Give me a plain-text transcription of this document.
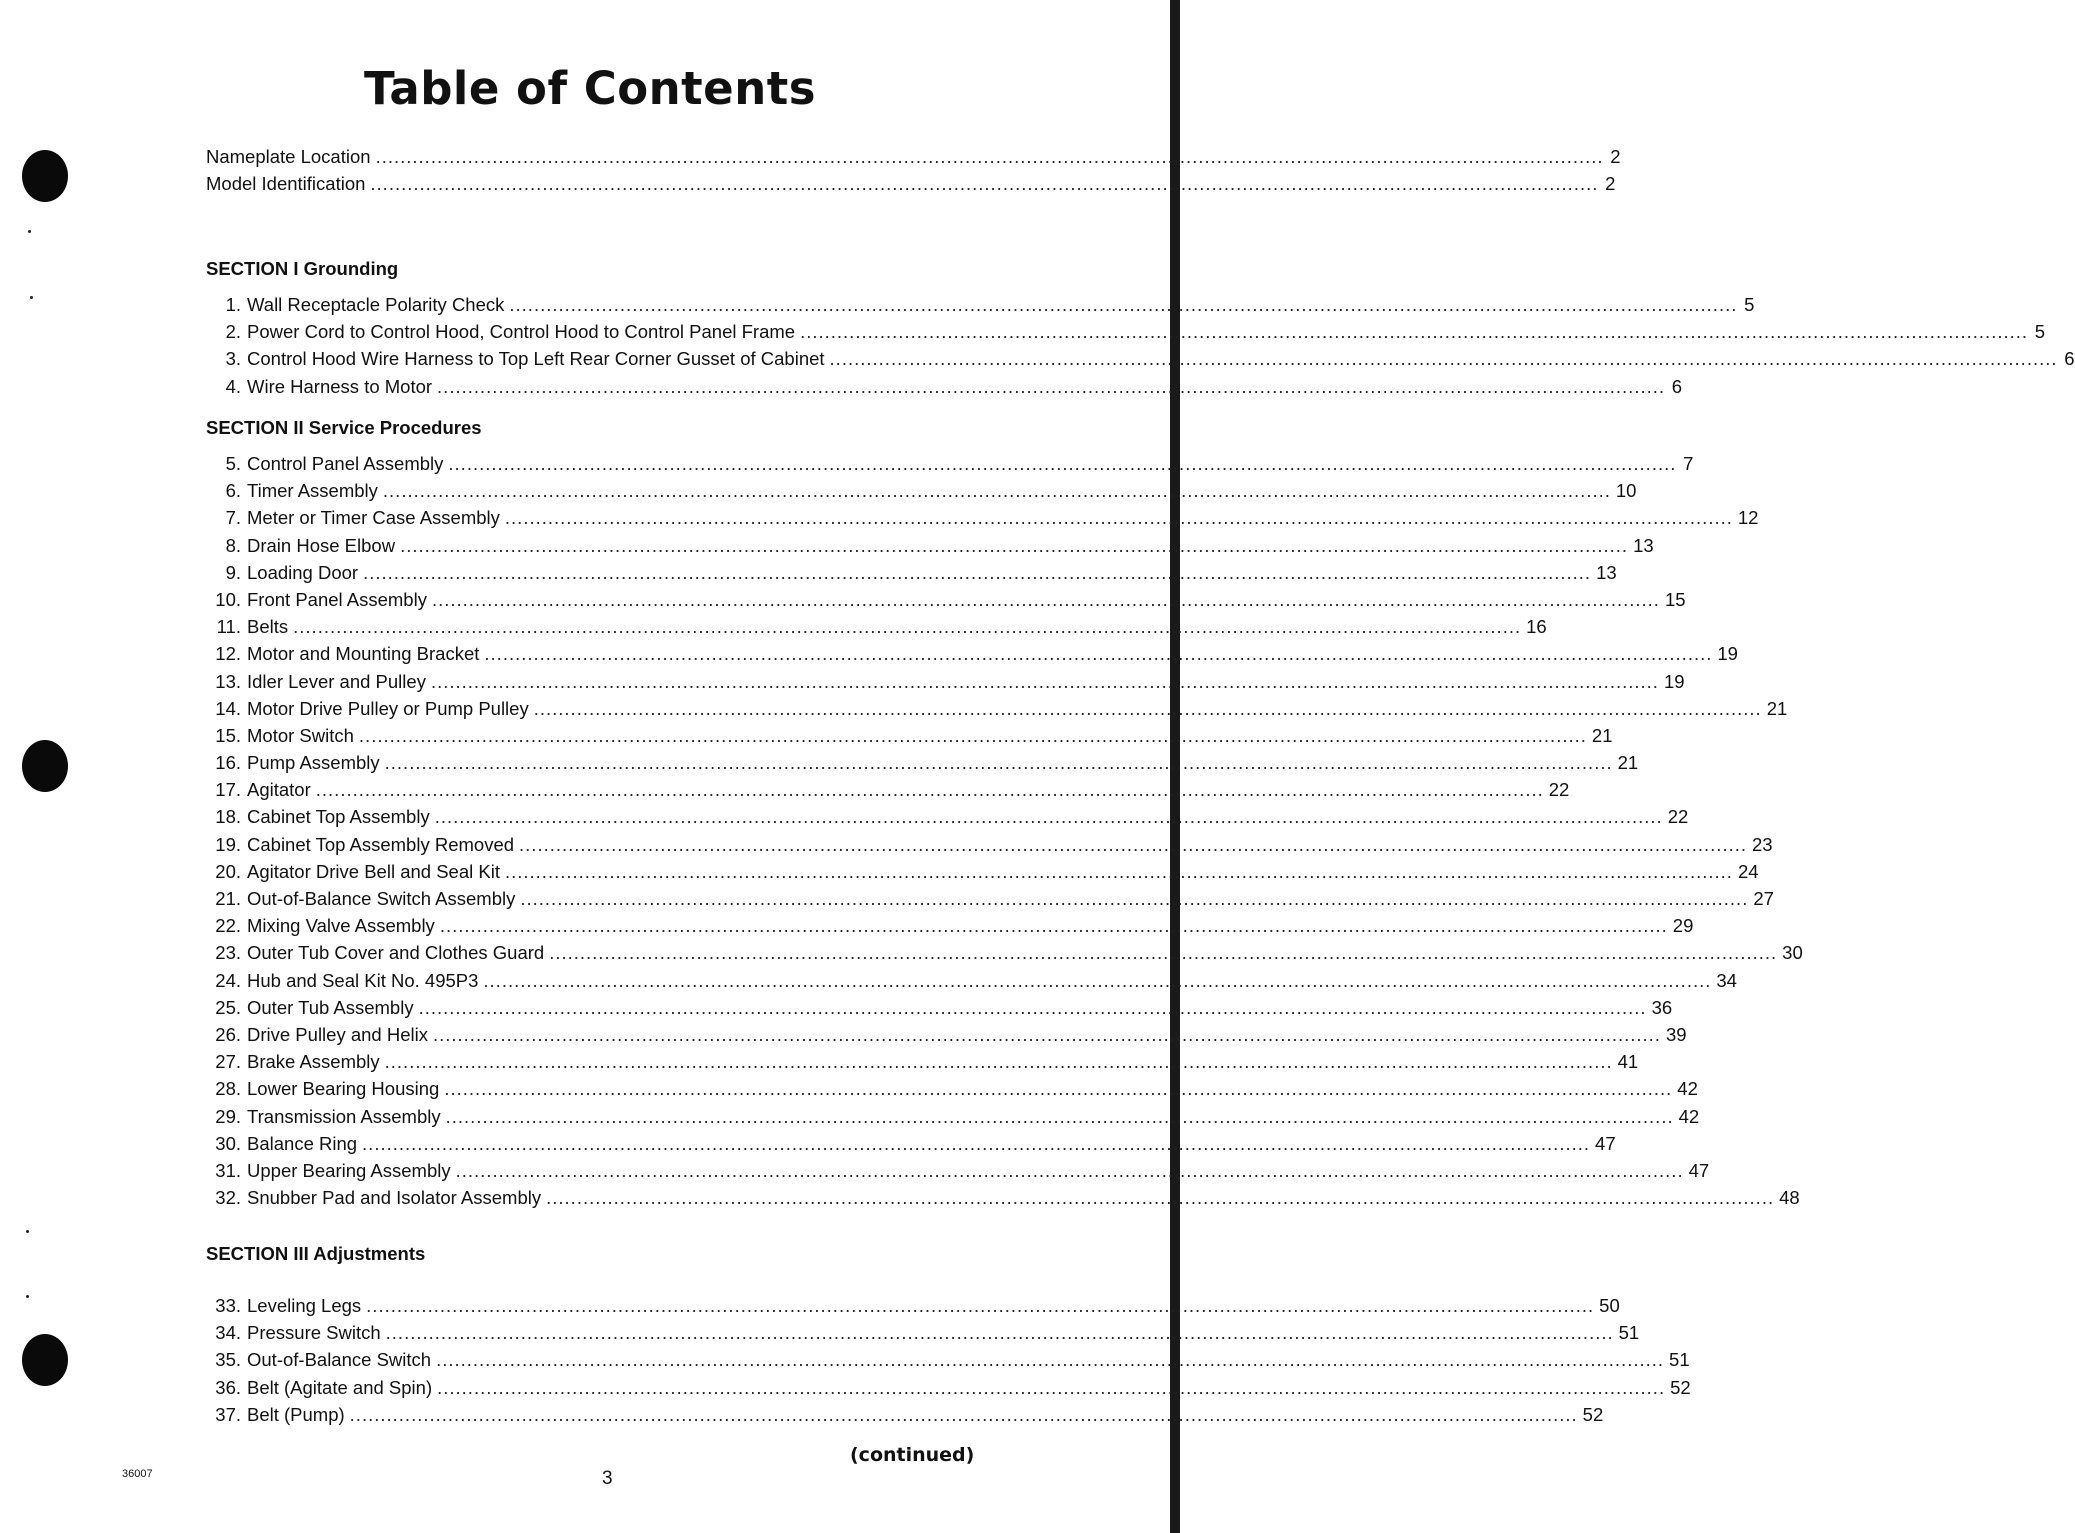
Table of Contents
Nameplate Location ........................................................................................................................................................................................................ 2
Model Identification ........................................................................................................................................................................................................ 2
SECTION I Grounding
1. Wall Receptacle Polarity Check ........................................................................................................................................................................................................ 5
2. Power Cord to Control Hood, Control Hood to Control Panel Frame ........................................................................................................................................................................................................ 5
3. Control Hood Wire Harness to Top Left Rear Corner Gusset of Cabinet ........................................................................................................................................................................................................ 6
4. Wire Harness to Motor ........................................................................................................................................................................................................ 6
SECTION II Service Procedures
5. Control Panel Assembly ........................................................................................................................................................................................................ 7
6. Timer Assembly ........................................................................................................................................................................................................ 10
7. Meter or Timer Case Assembly ........................................................................................................................................................................................................ 12
8. Drain Hose Elbow ........................................................................................................................................................................................................ 13
9. Loading Door ........................................................................................................................................................................................................ 13
10. Front Panel Assembly ........................................................................................................................................................................................................ 15
11. Belts ........................................................................................................................................................................................................ 16
12. Motor and Mounting Bracket ........................................................................................................................................................................................................ 19
13. Idler Lever and Pulley ........................................................................................................................................................................................................ 19
14. Motor Drive Pulley or Pump Pulley ........................................................................................................................................................................................................ 21
15. Motor Switch ........................................................................................................................................................................................................ 21
16. Pump Assembly ........................................................................................................................................................................................................ 21
17. Agitator ........................................................................................................................................................................................................ 22
18. Cabinet Top Assembly ........................................................................................................................................................................................................ 22
19. Cabinet Top Assembly Removed ........................................................................................................................................................................................................ 23
20. Agitator Drive Bell and Seal Kit ........................................................................................................................................................................................................ 24
21. Out-of-Balance Switch Assembly ........................................................................................................................................................................................................ 27
22. Mixing Valve Assembly ........................................................................................................................................................................................................ 29
23. Outer Tub Cover and Clothes Guard ........................................................................................................................................................................................................ 30
24. Hub and Seal Kit No. 495P3 ........................................................................................................................................................................................................ 34
25. Outer Tub Assembly ........................................................................................................................................................................................................ 36
26. Drive Pulley and Helix ........................................................................................................................................................................................................ 39
27. Brake Assembly ........................................................................................................................................................................................................ 41
28. Lower Bearing Housing ........................................................................................................................................................................................................ 42
29. Transmission Assembly ........................................................................................................................................................................................................ 42
30. Balance Ring ........................................................................................................................................................................................................ 47
31. Upper Bearing Assembly ........................................................................................................................................................................................................ 47
32. Snubber Pad and Isolator Assembly ........................................................................................................................................................................................................ 48
SECTION III Adjustments
33. Leveling Legs ........................................................................................................................................................................................................ 50
34. Pressure Switch ........................................................................................................................................................................................................ 51
35. Out-of-Balance Switch ........................................................................................................................................................................................................ 51
36. Belt (Agitate and Spin) ........................................................................................................................................................................................................ 52
37. Belt (Pump) ........................................................................................................................................................................................................ 52
(continued)
3
36007
